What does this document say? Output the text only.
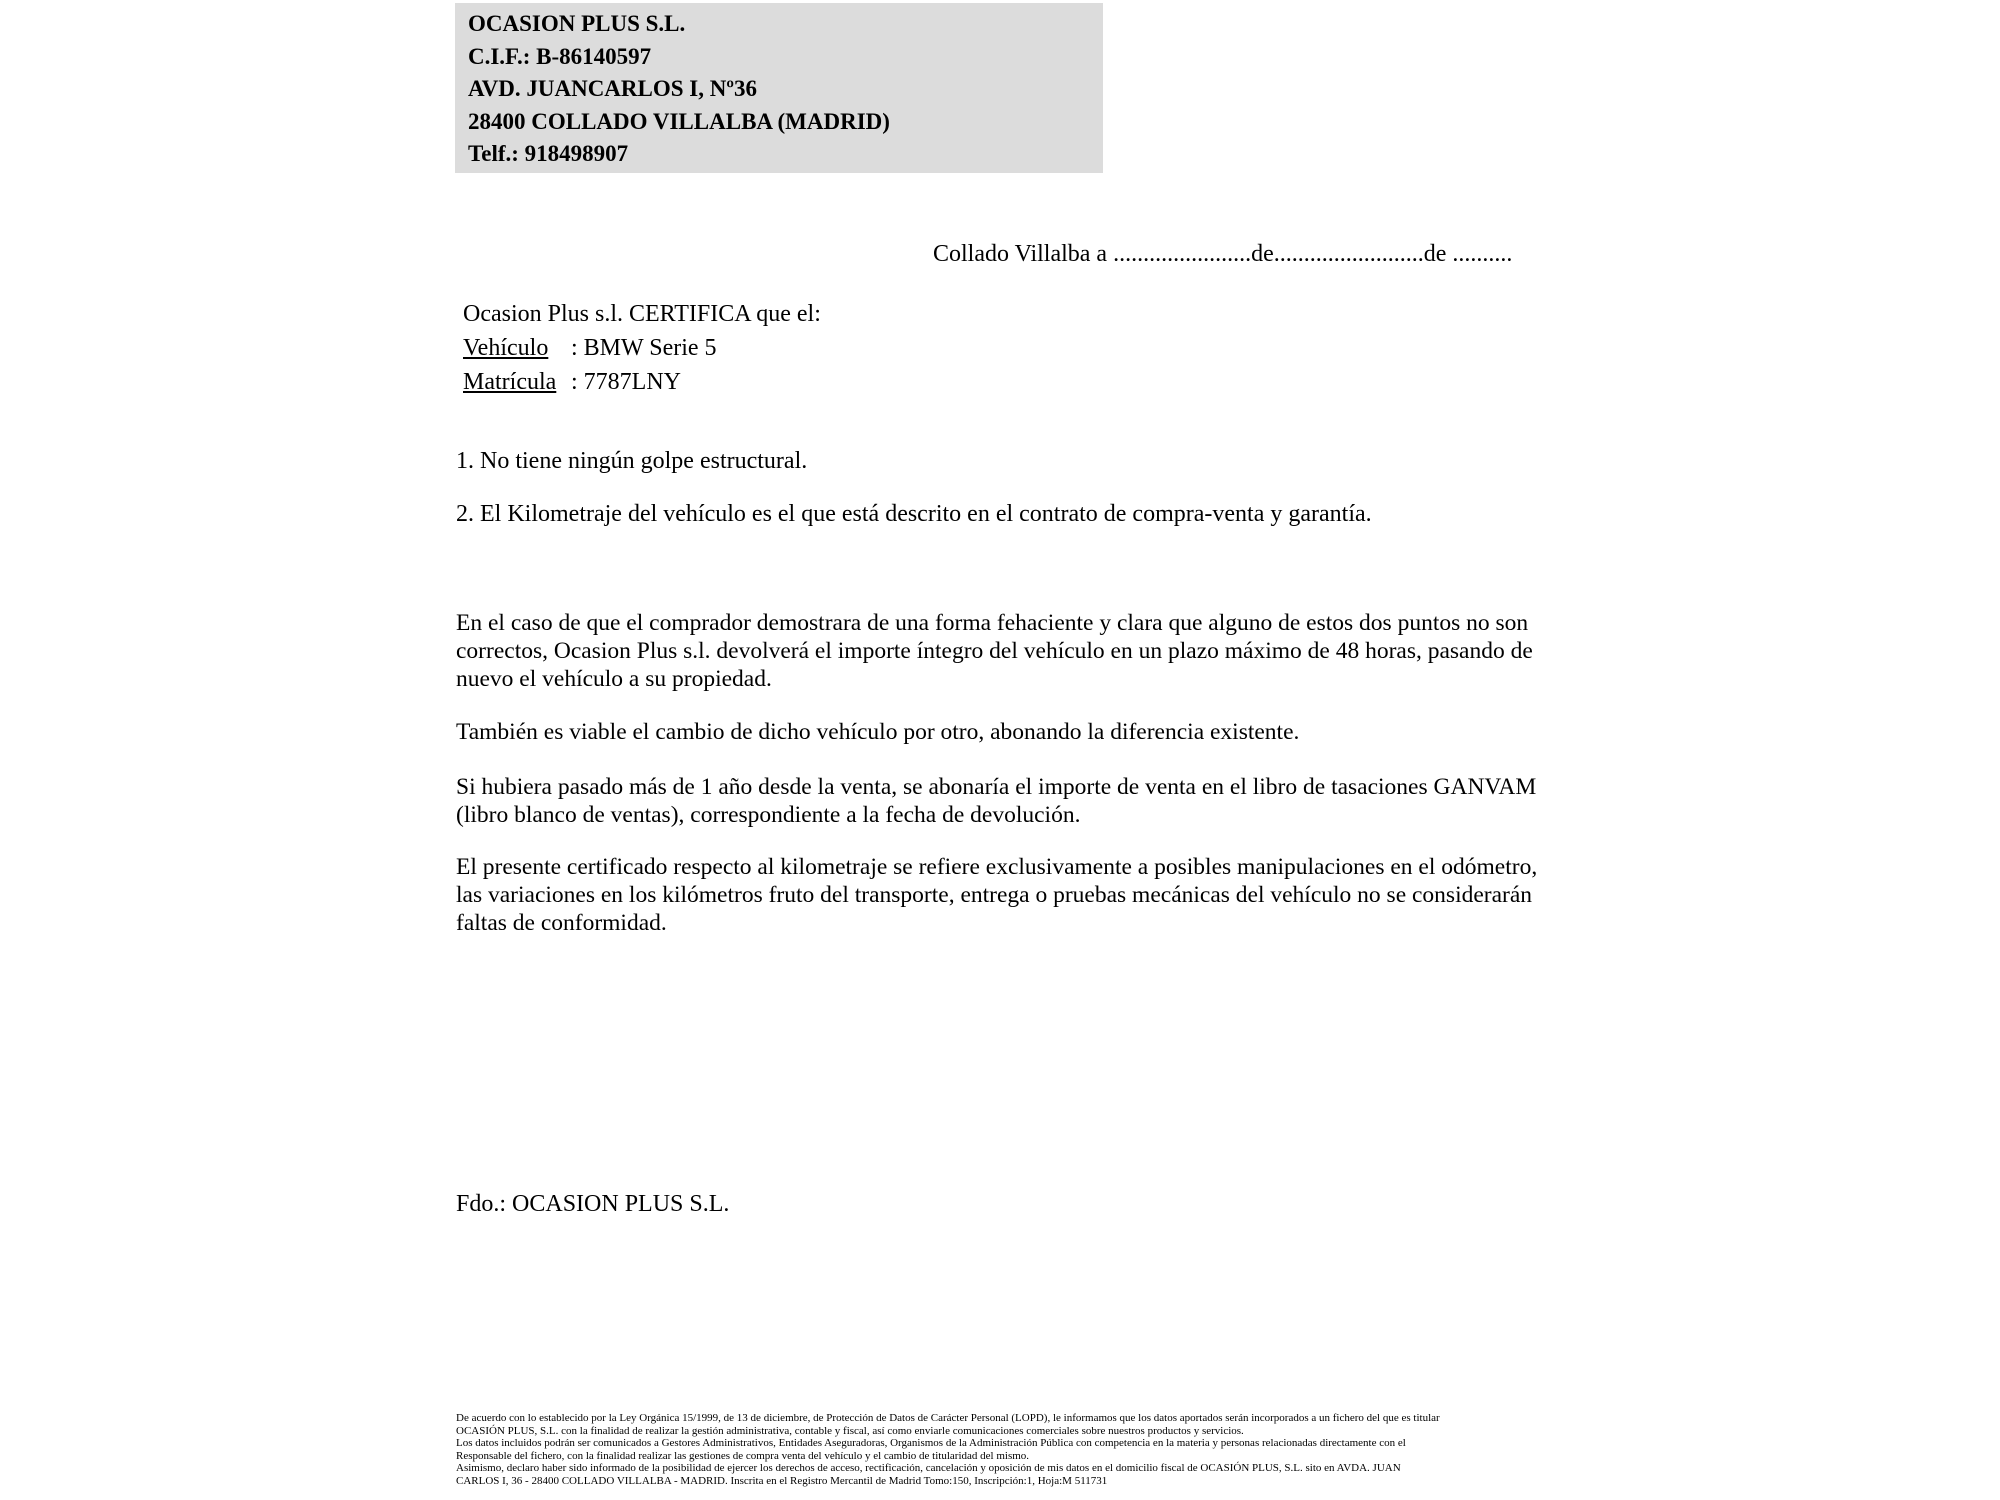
OCASION PLUS S.L.
C.I.F.: B-86140597
AVD. JUANCARLOS I, Nº36
28400 COLLADO VILLALBA (MADRID)
Telf.: 918498907
Collado Villalba a .......................de.........................de ..........
Ocasion Plus s.l. CERTIFICA que el:
Vehículo : BMW Serie 5
Matrícula : 7787LNY
1. No tiene ningún golpe estructural.
2. El Kilometraje del vehículo es el que está descrito en el contrato de compra-venta y garantía.
En el caso de que el comprador demostrara de una forma fehaciente y clara que alguno de estos dos puntos no son correctos, Ocasion Plus s.l. devolverá el importe íntegro del vehículo en un plazo máximo de 48 horas, pasando de nuevo el vehículo a su propiedad.
También es viable el cambio de dicho vehículo por otro, abonando la diferencia existente.
Si hubiera pasado más de 1 año desde la venta, se abonaría el importe de venta en el libro de tasaciones GANVAM (libro blanco de ventas), correspondiente a la fecha de devolución.
El presente certificado respecto al kilometraje se refiere exclusivamente a posibles manipulaciones en el odómetro, las variaciones en los kilómetros fruto del transporte, entrega o pruebas mecánicas del vehículo no se considerarán faltas de conformidad.
Fdo.: OCASION PLUS S.L.
De acuerdo con lo establecido por la Ley Orgánica 15/1999, de 13 de diciembre, de Protección de Datos de Carácter Personal (LOPD), le informamos que los datos aportados serán incorporados a un fichero del que es titular
OCASIÓN PLUS, S.L. con la finalidad de realizar la gestión administrativa, contable y fiscal, así como enviarle comunicaciones comerciales sobre nuestros productos y servicios.
Los datos incluidos podrán ser comunicados a Gestores Administrativos, Entidades Aseguradoras, Organismos de la Administración Pública con competencia en la materia y personas relacionadas directamente con el
Responsable del fichero, con la finalidad realizar las gestiones de compra venta del vehículo y el cambio de titularidad del mismo.
Asimismo, declaro haber sido informado de la posibilidad de ejercer los derechos de acceso, rectificación, cancelación y oposición de mis datos en el domicilio fiscal de OCASIÓN PLUS, S.L. sito en AVDA. JUAN
CARLOS I, 36 - 28400 COLLADO VILLALBA - MADRID. Inscrita en el Registro Mercantil de Madrid Tomo:150, Inscripción:1, Hoja:M 511731
